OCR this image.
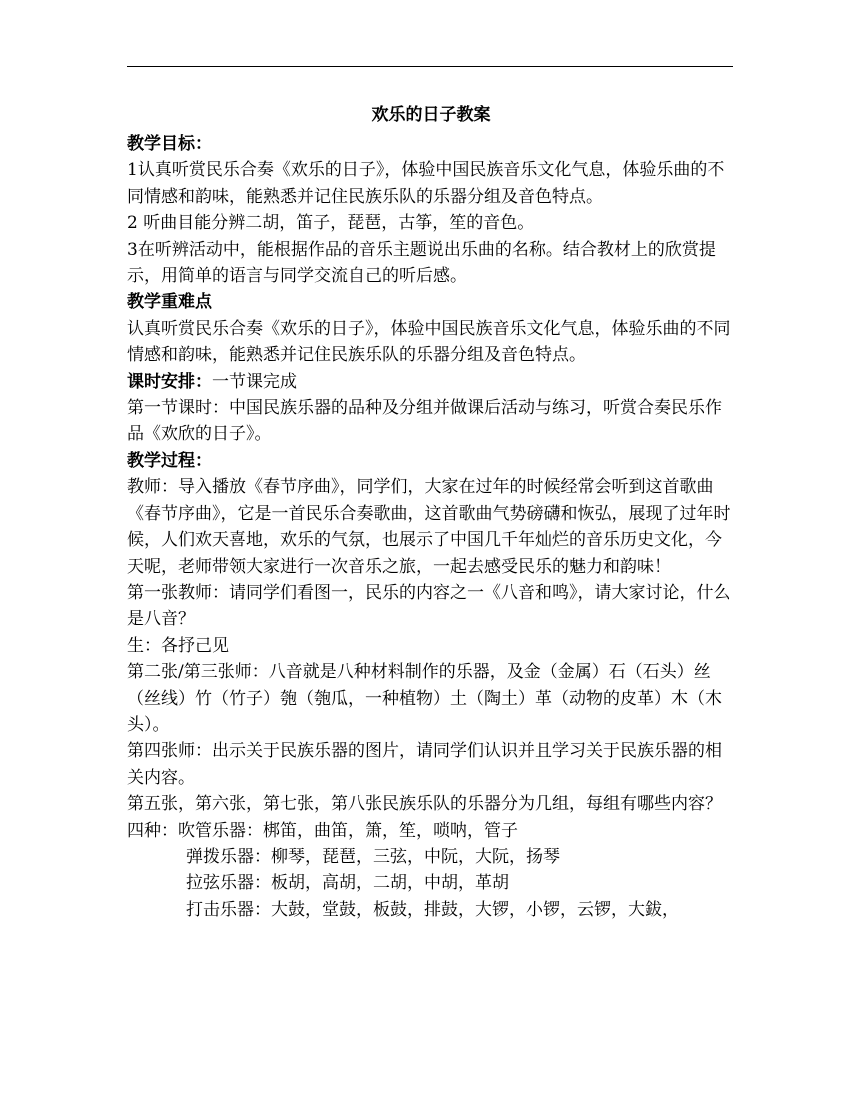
欢乐的日子教案
教学目标：

1认真听赏民乐合奏《欢乐的日子》，体验中国民族音乐文化气息，体验乐曲的不同情感和韵味，能熟悉并记住民族乐队的乐器分组及音色特点。

2 听曲目能分辨二胡，笛子，琵琶，古筝，笙的音色。

3在听辨活动中，能根据作品的音乐主题说出乐曲的名称。结合教材上的欣赏提示，用简单的语言与同学交流自己的听后感。

教学重难点

认真听赏民乐合奏《欢乐的日子》，体验中国民族音乐文化气息，体验乐曲的不同情感和韵味，能熟悉并记住民族乐队的乐器分组及音色特点。

课时安排： 一节课完成

第一节课时：中国民族乐器的品种及分组并做课后活动与练习，听赏合奏民乐作品《欢欣的日子》。

教学过程：

教师：导入播放《春节序曲》，同学们，大家在过年的时候经常会听到这首歌曲《春节序曲》，它是一首民乐合奏歌曲，这首歌曲气势磅礴和恢弘，展现了过年时候，人们欢天喜地，欢乐的气氛，也展示了中国几千年灿烂的音乐历史文化，今天呢，老师带领大家进行一次音乐之旅，一起去感受民乐的魅力和韵味！

第一张教师：请同学们看图一，民乐的内容之一《八音和鸣》，请大家讨论，什么是八音？

生：各抒己见

第二张/第三张师：八音就是八种材料制作的乐器，及金（金属）石（石头）丝（丝线）竹（竹子）匏（匏瓜，一种植物）土（陶土）革（动物的皮革）木（木头）。

第四张师：出示关于民族乐器的图片，请同学们认识并且学习关于民族乐器的相关内容。

第五张，第六张，第七张，第八张民族乐队的乐器分为几组，每组有哪些内容？

四种： 吹管乐器：梆笛，曲笛，箫，笙，唢呐，管子
弹拨乐器：柳琴，琵琶，三弦，中阮，大阮，扬琴
拉弦乐器：板胡，高胡，二胡，中胡，革胡
打击乐器：大鼓，堂鼓，板鼓，排鼓，大锣，小锣，云锣，大鈸，
